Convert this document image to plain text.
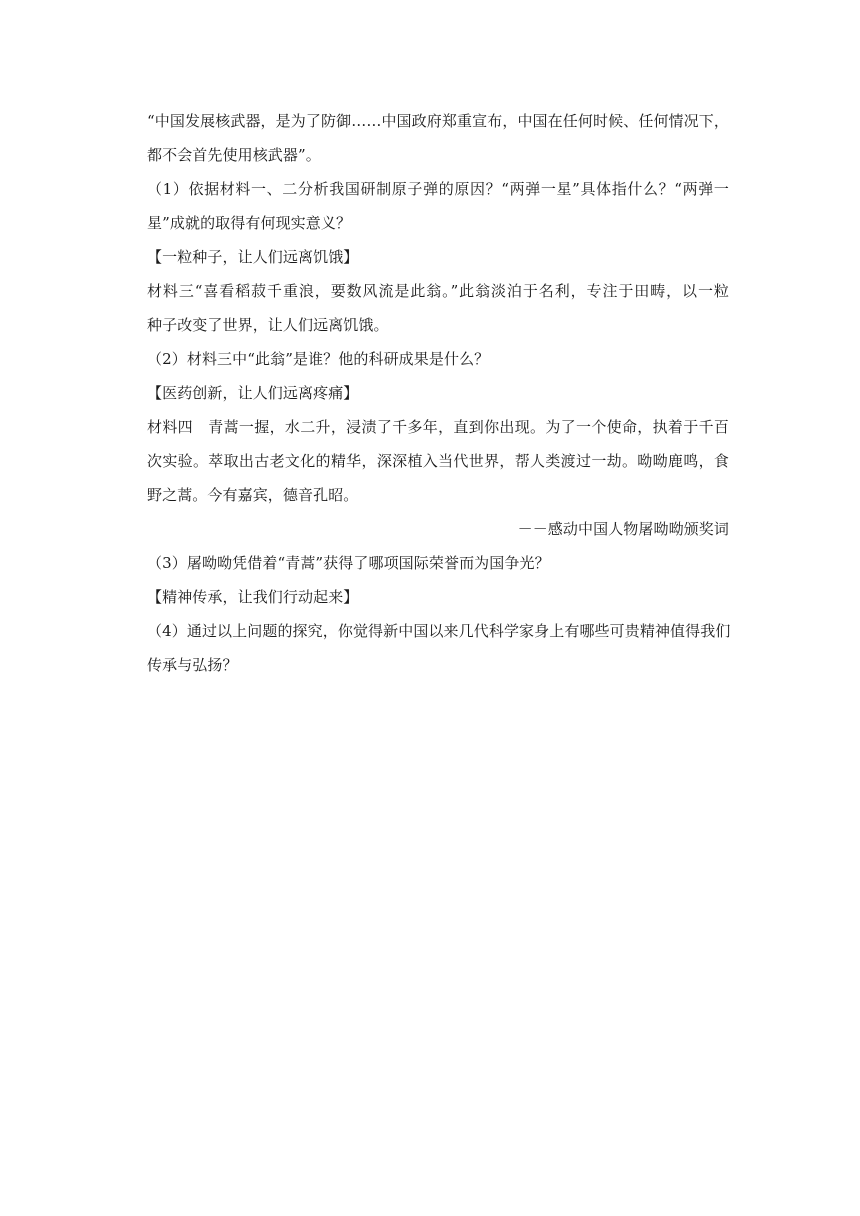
“中国发展核武器，是为了防御……中国政府郑重宣布，中国在任何时候、任何情况下，
都不会首先使用核武器”。
（1）依据材料一、二分析我国研制原子弹的原因？“两弹一星”具体指什么？“两弹一
星”成就的取得有何现实意义？
【一粒种子，让人们远离饥饿】
材料三“喜看稻菽千重浪，要数风流是此翁。”此翁淡泊于名利，专注于田畴，以一粒
种子改变了世界，让人们远离饥饿。
（2）材料三中“此翁”是谁？他的科研成果是什么？
【医药创新，让人们远离疼痛】
材料四　青蒿一握，水二升，浸渍了千多年，直到你出现。为了一个使命，执着于千百
次实验。萃取出古老文化的精华，深深植入当代世界，帮人类渡过一劫。呦呦鹿鸣，食
野之蒿。今有嘉宾，德音孔昭。
－－感动中国人物屠呦呦颁奖词
（3）屠呦呦凭借着“青蒿”获得了哪项国际荣誉而为国争光？
【精神传承，让我们行动起来】
（4）通过以上问题的探究，你觉得新中国以来几代科学家身上有哪些可贵精神值得我们
传承与弘扬？
